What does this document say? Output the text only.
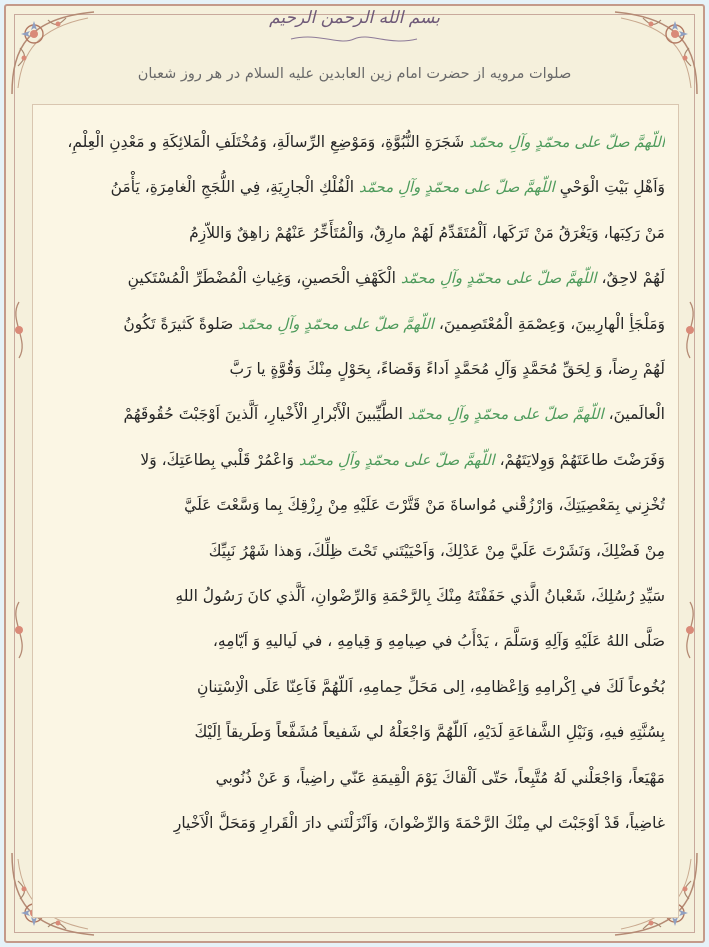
بسم الله الرحمن الرحیم
صلوات مرویه از حضرت امام زین العابدین علیه السلام در هر روز شعبان
اللّهمَّ صلّ علی محمّدٍ وآلِ محمّد شَجَرَةِ النُّبُوَّةِ، وَمَوْضِعِ الرِّسالَةِ، وَمُخْتَلَفِ الْمَلائِكَةِ و مَعْدِنِ الْعِلْمِ،
وَاَهْلِ بَيْتِ الْوَحْيِ اللّهمَّ صلّ علی محمّدٍ وآلِ محمّد الْفُلْكِ الْجارِيَةِ، فِي اللُّجَجِ الْغامِرَةِ، يَأْمَنُ
مَنْ رَكِبَها، وَيَغْرَقُ مَنْ تَرَكَها، اَلْمُتَقَدِّمُ لَهُمْ مارِقٌ، وَالْمُتَأَخِّرُ عَنْهُمْ زاهِقٌ وَاللاّزِمُ
لَهُمْ لاحِقٌ، اللّهمَّ صلّ علی محمّدٍ وآلِ محمّد الْكَهْفِ الْحَصينِ، وَغِياثِ الْمُضْطَرِّ الْمُسْتَكينِ
وَمَلْجَأِ الْهارِبينَ، وَعِصْمَةِ الْمُعْتَصِمينَ، اللّهمَّ صلّ علی محمّدٍ وآلِ محمّد صَلوةً كَثيرَةً تَكُونُ
لَهُمْ رِضاً، وَ لِحَقِّ مُحَمَّدٍ وَآلِ مُحَمَّدٍ اَداءً وَقَضاءً، بِحَوْلٍ مِنْكَ وَقُوَّةٍ يا رَبَّ
الْعالَمينَ، اللّهمَّ صلّ علی محمّدٍ وآلِ محمّد الطَّيِّبينَ الْأَبْرارِ الْأَخْيارِ، اَلَّذينَ اَوْجَبْتَ حُقُوقَهُمْ
وَفَرَضْتَ طاعَتَهُمْ وَوِلايَتَهُمْ، اللّهمَّ صلّ علی محمّدٍ وآلِ محمّد وَاعْمُرْ قَلْبي بِطاعَتِكَ، وَلا
تُخْزِني بِمَعْصِيَتِكَ، وَارْزُقْني مُواساةَ مَنْ قَتَّرْتَ عَلَيْهِ مِنْ رِزْقِكَ بِما وَسَّعْتَ عَلَيَّ
مِنْ فَضْلِكَ، وَنَشَرْتَ عَلَيَّ مِنْ عَدْلِكَ، وَاَحْيَيْتَني تَحْتَ ظِلِّكَ، وَهذا شَهْرُ نَبِيِّكَ
سَيِّدِ رُسُلِكَ، شَعْبانُ الَّذي حَفَفْتَهُ مِنْكَ بِالرَّحْمَةِ وَالرِّضْوانِ، اَلَّذي كانَ رَسُولُ اللهِ
صَلَّى اللهُ عَلَيْهِ وَآلِهِ وَسَلَّمَ ، يَدْأَبُ في صِيامِهِ وَ قِيامِهِ ، في لَياليهِ وَ اَيّامِهِ،
بُخُوعاً لَكَ في اِكْرامِهِ وَاِعْظامِهِ، اِلى مَحَلِّ حِمامِهِ، اَللّهُمَّ فَاَعِنّا عَلَى الْاِسْتِنانِ
بِسُنَّتِهِ فيهِ، وَنَيْلِ الشَّفاعَةِ لَدَيْهِ، اَللّهُمَّ وَاجْعَلْهُ لي شَفيعاً مُشَفَّعاً وَطَريقاً اِلَيْكَ
مَهْيَعاً، وَاجْعَلْني لَهُ مُتَّبِعاً، حَتّى اَلْقاكَ يَوْمَ الْقِيمَةِ عَنّي راضِياً، وَ عَنْ ذُنُوبي
غاضِياً، قَدْ اَوْجَبْتَ لي مِنْكَ الرَّحْمَةَ وَالرِّضْوانَ، وَاَنْزَلْتَني دارَ الْقَرارِ وَمَحَلَّ الْاَخْيارِ
